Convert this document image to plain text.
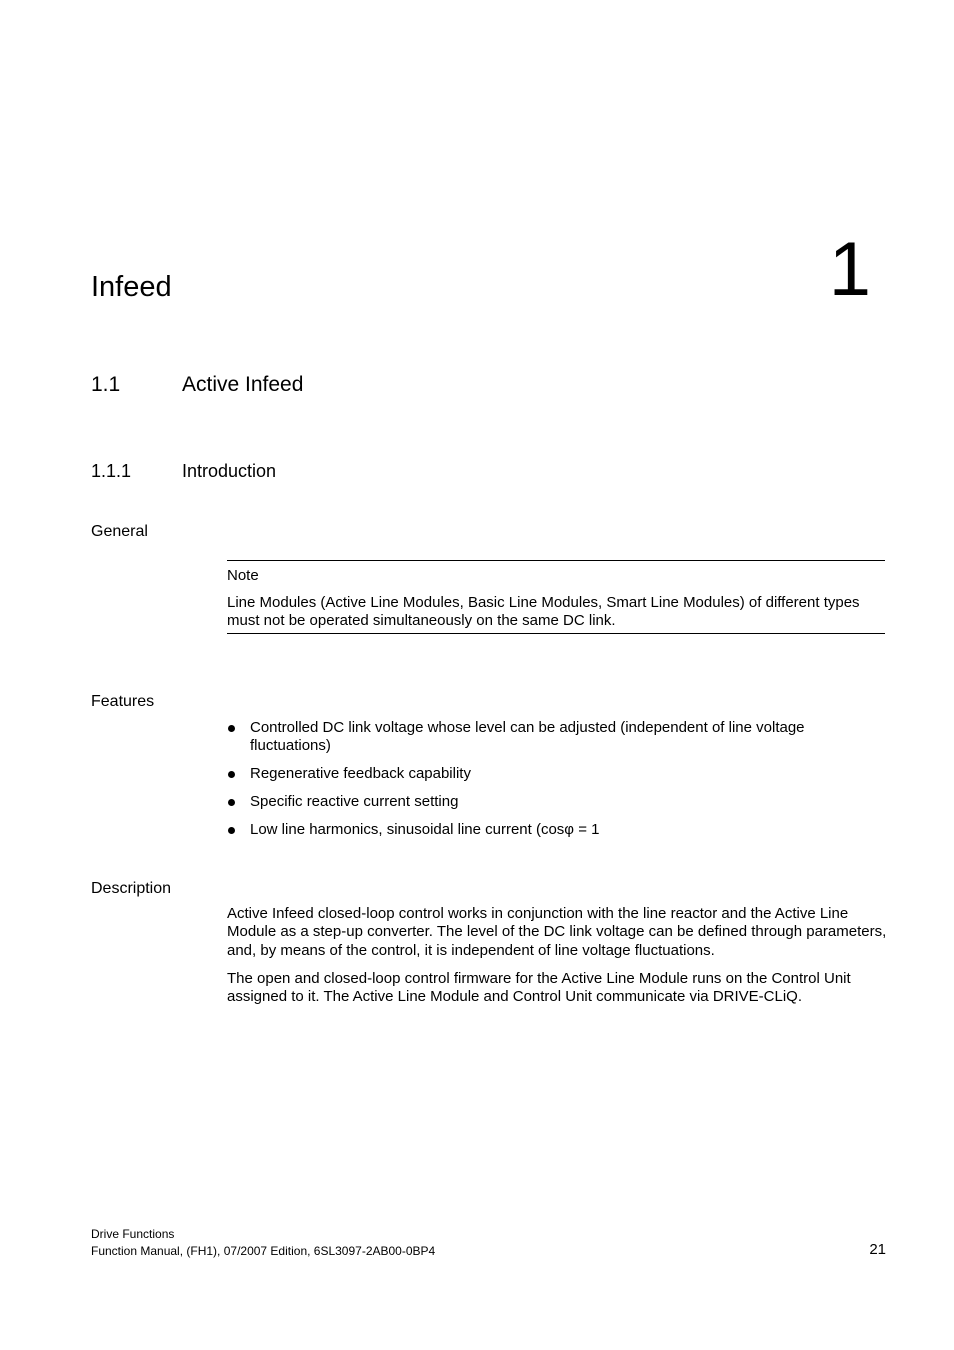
Infeed	1
1.1	Active Infeed
1.1.1	Introduction
General
Note

Line Modules (Active Line Modules, Basic Line Modules, Smart Line Modules) of different types must not be operated simultaneously on the same DC link.

Features
Controlled DC link voltage whose level can be adjusted (independent of line voltage fluctuations)
Regenerative feedback capability
Specific reactive current setting
Low line harmonics, sinusoidal line current (cosφ = 1
Description

Active Infeed closed-loop control works in conjunction with the line reactor and the Active Line Module as a step-up converter. The level of the DC link voltage can be defined through parameters, and, by means of the control, it is independent of line voltage fluctuations.

The open and closed-loop control firmware for the Active Line Module runs on the Control Unit assigned to it. The Active Line Module and Control Unit communicate via DRIVE-CLiQ.

Drive Functions
Function Manual, (FH1), 07/2007 Edition, 6SL3097-2AB00-0BP4	21
